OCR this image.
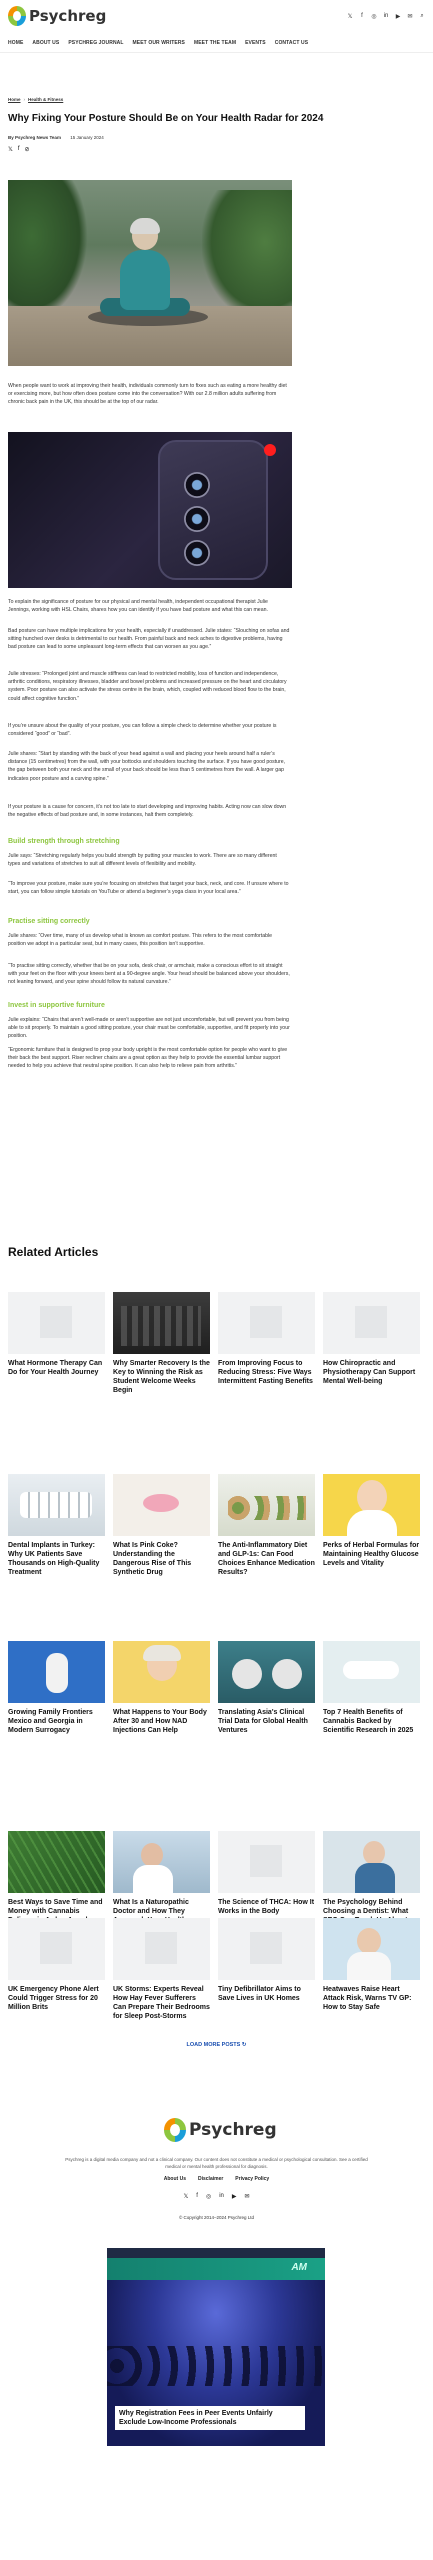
Psychreg	𝕏	f	◎ in ▶ ✉ ⌕
HOME ABOUT US PSYCHREG JOURNAL MEET OUR WRITERS MEET THE TEAM EVENTS CONTACT US
Home › Health & Fitness
Why Fixing Your Posture Should Be on Your Health Radar for 2024
By Psychreg News Team 15 January 2024
𝕏 f ⊘

When people want to work at improving their health, individuals commonly turn to fixes such as eating a more healthy diet or exercising more, but how often does posture come into the conversation? With our 2.8 million adults suffering from chronic back pain in the UK, this should be at the top of our radar.

To explain the significance of posture for our physical and mental health, independent occupational therapist Julie Jennings, working with HSL Chairs, shares how you can identify if you have bad posture and what this can mean.

Bad posture can have multiple implications for your health, especially if unaddressed. Julie states: “Slouching on sofas and sitting hunched over desks is detrimental to our health. From painful back and neck aches to digestive problems, having bad posture can lead to some unpleasant long-term effects that can worsen as you age.”

Julie stresses: “Prolonged joint and muscle stiffness can lead to restricted mobility, loss of function and independence, arthritic conditions, respiratory illnesses, bladder and bowel problems and increased pressure on the heart and circulatory system. Poor posture can also activate the stress centre in the brain, which, coupled with reduced blood flow to the brain, could affect cognitive function.”

If you’re unsure about the quality of your posture, you can follow a simple check to determine whether your posture is considered “good” or “bad”.

Julie shares: “Start by standing with the back of your head against a wall and placing your heels around half a ruler’s distance (15 centimetres) from the wall, with your bottocks and shoulders touching the surface. If you have good posture, the gap between both your neck and the small of your back should be less than 5 centimetres from the wall. A larger gap indicates poor posture and a curving spine.”

If your posture is a cause for concern, it’s not too late to start developing and improving habits. Acting now can slow down the negative effects of bad posture and, in some instances, halt them completely.

Build strength through stretching

Julie says: “Stretching regularly helps you build strength by putting your muscles to work. There are so many different types and variations of stretches to suit all different levels of flexibility and mobility.

“To improve your posture, make sure you’re focusing on stretches that target your back, neck, and core. If unsure where to start, you can follow simple tutorials on YouTube or attend a beginner’s yoga class in your local area.”

Practise sitting correctly

Julie shares: “Over time, many of us develop what is known as comfort posture. This refers to the most comfortable position we adopt in a particular seat, but in many cases, this position isn’t supportive.

“To practise sitting correctly, whether that be on your sofa, desk chair, or armchair, make a conscious effort to sit straight with your feet on the floor with your knees bent at a 90-degree angle. Your head should be balanced above your shoulders, not leaning forward, and your spine should follow its natural curvature.”

Invest in supportive furniture

Julie explains: “Chairs that aren’t well-made or aren’t supportive are not just uncomfortable, but will prevent you from being able to sit properly. To maintain a good sitting posture, your chair must be comfortable, supportive, and fit properly into your position.

“Ergonomic furniture that is designed to prop your body upright is the most comfortable option for people who want to give their back the best support. Riser recliner chairs are a great option as they help to provide the essential lumbar support needed to help you achieve that neutral spine position. It can also help to relieve pain from arthritis.”

Related Articles
What Hormone Therapy Can Do for Your Health Journey
Why Smarter Recovery Is the Key to Winning the Risk as Student Welcome Weeks Begin
From Improving Focus to Reducing Stress: Five Ways Intermittent Fasting Benefits
How Chiropractic and Physiotherapy Can Support Mental Well-being
Dental Implants in Turkey: Why UK Patients Save Thousands on High-Quality Treatment
What Is Pink Coke? Understanding the Dangerous Rise of This Synthetic Drug
The Anti-Inflammatory Diet and GLP-1s: Can Food Choices Enhance Medication Results?
Perks of Herbal Formulas for Maintaining Healthy Glucose Levels and Vitality
Growing Family Frontiers Mexico and Georgia in Modern Surrogacy
What Happens to Your Body After 30 and How NAD Injections Can Help
Translating Asia's Clinical Trial Data for Global Health Ventures
Top 7 Health Benefits of Cannabis Backed by Scientific Research in 2025
Best Ways to Save Time and Money with Cannabis
What Is a Naturopathic Doctor and How They
The Science of THCA: How It Works in the Body
The Psychology Behind Choosing a Dentist: What
UK Emergency Phone Alert Could Trigger Stress for 20 Million Brits
UK Storms: Experts Reveal How Hay Fever Sufferers Can Prepare Their Bedrooms for Sleep Post-Storms
Tiny Defibrillator Aims to Save Lives in UK Homes
Heatwaves Raise Heart Attack Risk, Warns TV GP: How to Stay Safe
LOAD MORE POSTS ↻
Psychreg

Psychreg is a digital media company and not a clinical company. Our content does not constitute a medical or psychological consultation. See a certified medical or mental health professional for diagnosis.

About Us Disclaimer Privacy Policy
𝕏 f ◎ in ▶ ✉
© Copyright 2014–2024 Psychreg Ltd
AM
Why Registration Fees in Peer Events Unfairly Exclude Low-Income Professionals
